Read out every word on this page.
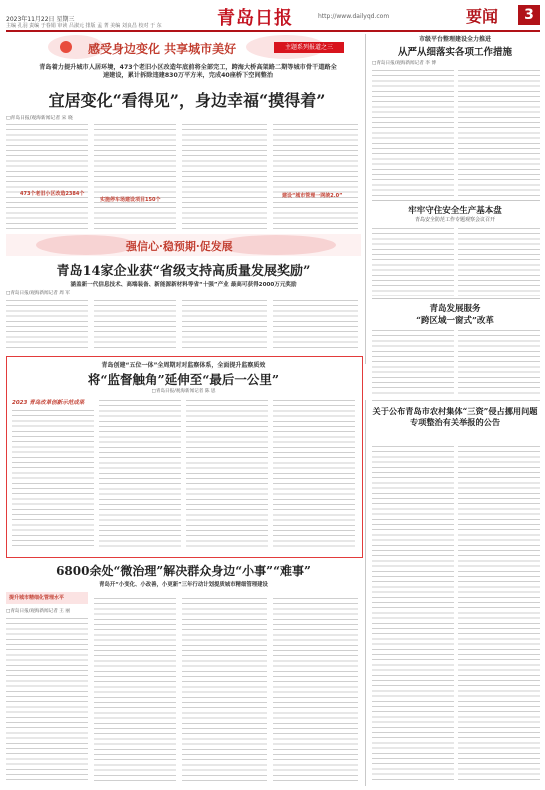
2023年11月22日 星期三
主编 孔羽 责编 于春娟 审读 吕淑元 排版 孟 菁 美编 刘良昌 校对 于 东	青岛日报	http://www.dailyqd.com	要闻	3
感受身边变化 共享城市美好	主题系列报道之三
青岛着力提升城市人居环境，473个老旧小区改造年底前将全部完工，跨海大桥高架路二期等城市骨干道路全速建设，累计拆除违建830万平方米，完成40座桥下空间整治
宜居变化“看得见”，身边幸福“摸得着”
□青岛日报/观海新闻记者 宋 晓
473个老旧小区改造2384个
实施停车场建设项目150个
建设“城市管理一网统2.0”
市级平台整理建设全力推进
从严从细落实各项工作措施
□青岛日报/观海新闻记者 李 博
牢牢守住安全生产基本盘
青岛安全防范工作专题观察会议召开
青岛发展服务
“跨区域一窗式”改革
强信心·稳预期·促发展
青岛14家企业获“省级支持高质量发展奖励”
涵盖新一代信息技术、高端装备、新能源新材料等省“十强”产业 最高可获得2000万元奖励
□青岛日报/观海新闻记者 周 军
青岛创建“五位一体”全周期对对监察体系，全面提升监察质效
将“监督触角”延伸至“最后一公里”
□青岛日报/观海新闻记者 陈 思
2023 青岛改革创新示范成果
关于公布青岛市农村集体“三资”侵占挪用问题专项整治有关举报的公告
6800余处“微治理”解决群众身边“小事”“难事”
青岛开“小变化、小改善，小更新”三年行动计划提质城市精细管理建设
提升城市精细化管理水平
□青岛日报/观海新闻记者 王 丽
